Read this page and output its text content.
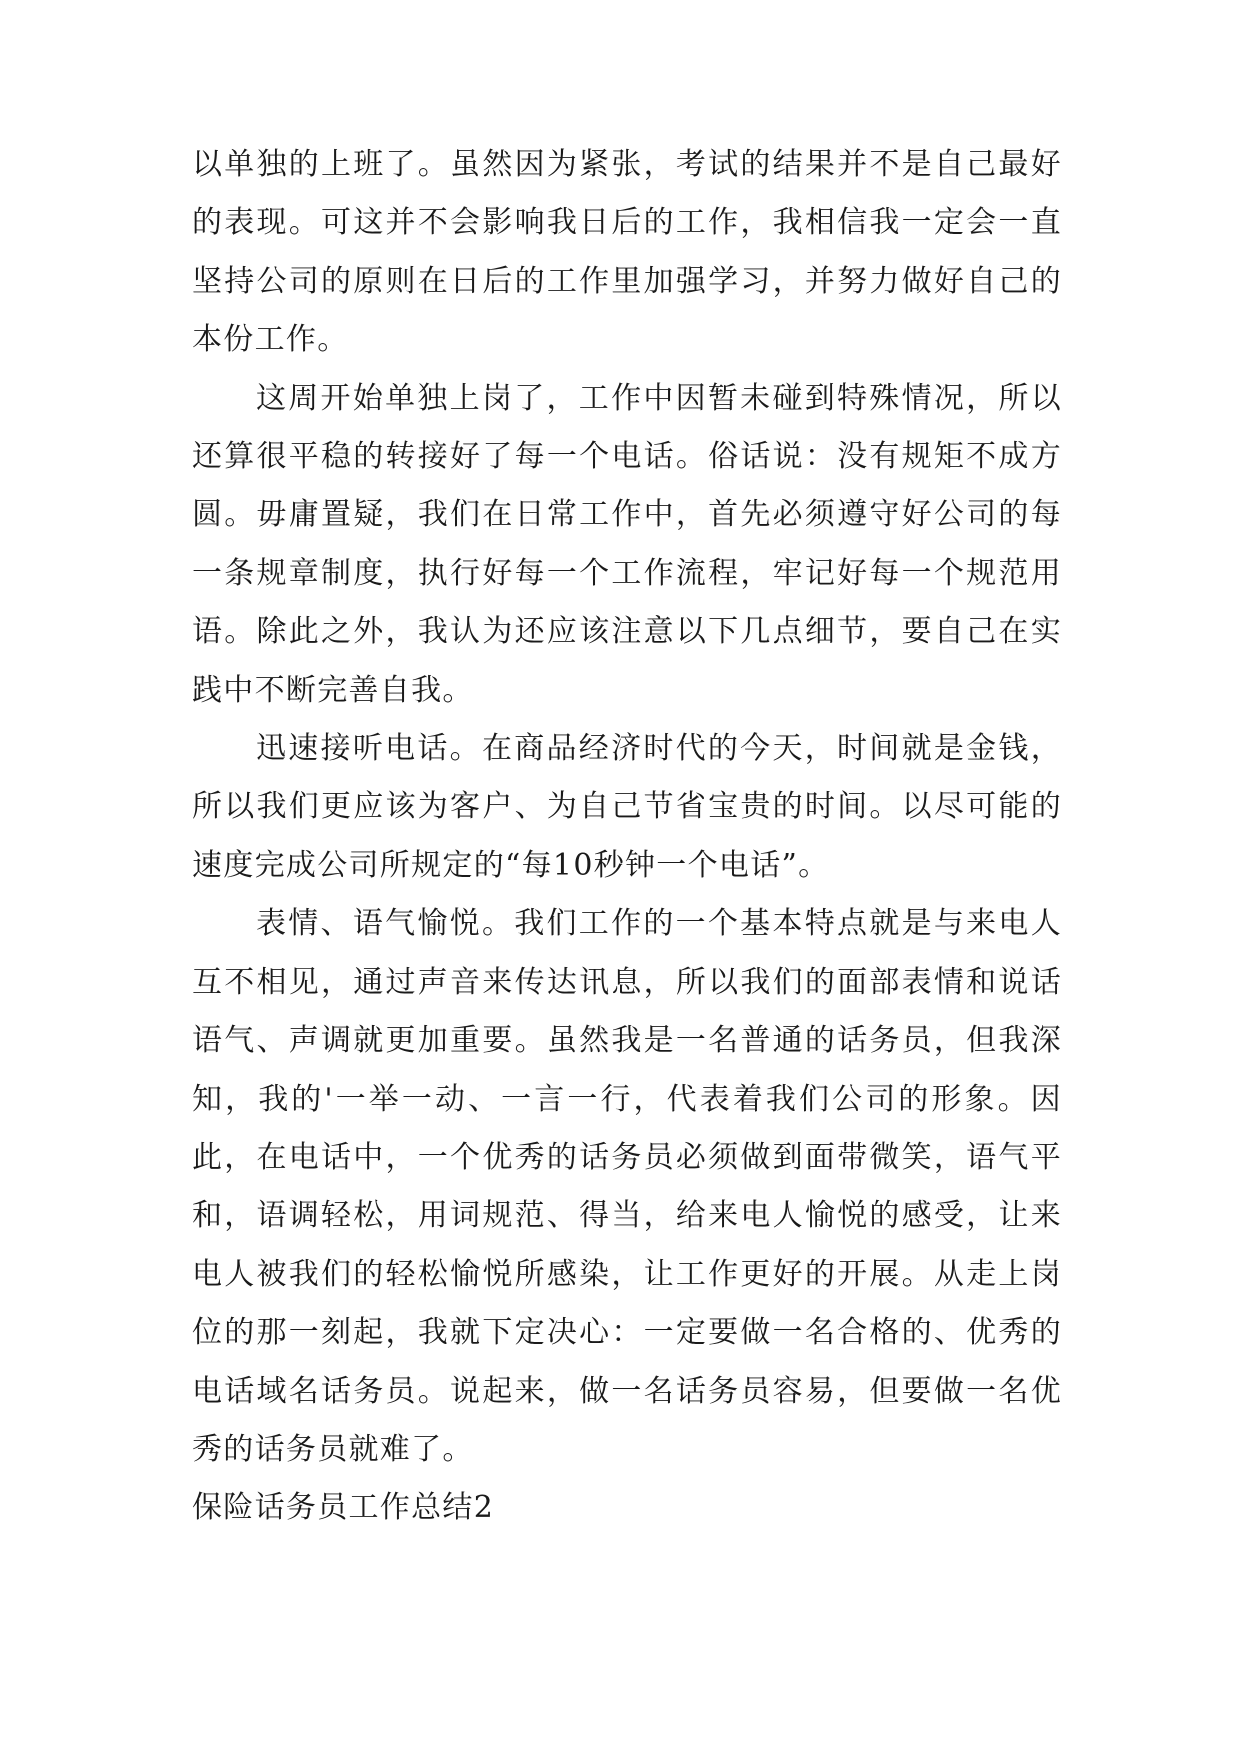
以单独的上班了。虽然因为紧张，考试的结果并不是自己最好的表现。可这并不会影响我日后的工作，我相信我一定会一直坚持公司的原则在日后的工作里加强学习，并努力做好自己的本份工作。

这周开始单独上岗了，工作中因暂未碰到特殊情况，所以还算很平稳的转接好了每一个电话。俗话说：没有规矩不成方圆。毋庸置疑，我们在日常工作中，首先必须遵守好公司的每一条规章制度，执行好每一个工作流程，牢记好每一个规范用语。除此之外，我认为还应该注意以下几点细节，要自己在实践中不断完善自我。

迅速接听电话。在商品经济时代的今天，时间就是金钱，所以我们更应该为客户、为自己节省宝贵的时间。以尽可能的速度完成公司所规定的“每10秒钟一个电话”。

表情、语气愉悦。我们工作的一个基本特点就是与来电人互不相见，通过声音来传达讯息，所以我们的面部表情和说话语气、声调就更加重要。虽然我是一名普通的话务员，但我深知，我的'一举一动、一言一行，代表着我们公司的形象。因此，在电话中，一个优秀的话务员必须做到面带微笑，语气平和，语调轻松，用词规范、得当，给来电人愉悦的感受，让来电人被我们的轻松愉悦所感染，让工作更好的开展。从走上岗位的那一刻起，我就下定决心：一定要做一名合格的、优秀的电话域名话务员。说起来，做一名话务员容易，但要做一名优秀的话务员就难了。

保险话务员工作总结2
